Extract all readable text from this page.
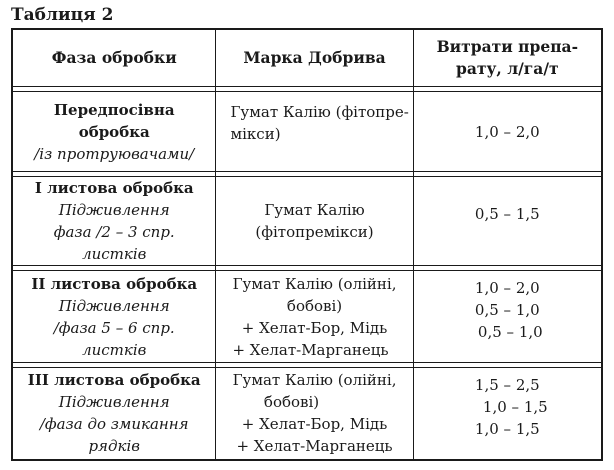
Таблиця 2
Фаза обробки	Марка Добрива	Витрати препа-
рату, л/га/т

Передпосівна
обробка
/із протруювачами/	Гумат Калію (фітопре-
мікси)	1,0 – 2,0

І листова обробка
Підживлення
фаза /2 – 3 спр.
листків	Гумат Калію
(фітопремікси)	0,5 – 1,5

ІІ листова обробка
Підживлення
/фаза 5 – 6 спр.
листків	Гумат Калію (олійні,
бобові)
+ Хелат-Бор, Мідь
+ Хелат-Марганець	1,0 – 2,0
0,5 – 1,0
0,5 – 1,0

ІІІ листова обробка
Підживлення
/фаза до змикання
рядків	Гумат Калію (олійні,
бобові)
+ Хелат-Бор, Мідь
+ Хелат-Марганець	1,5 – 2,5
1,0 – 1,5
1,0 – 1,5
